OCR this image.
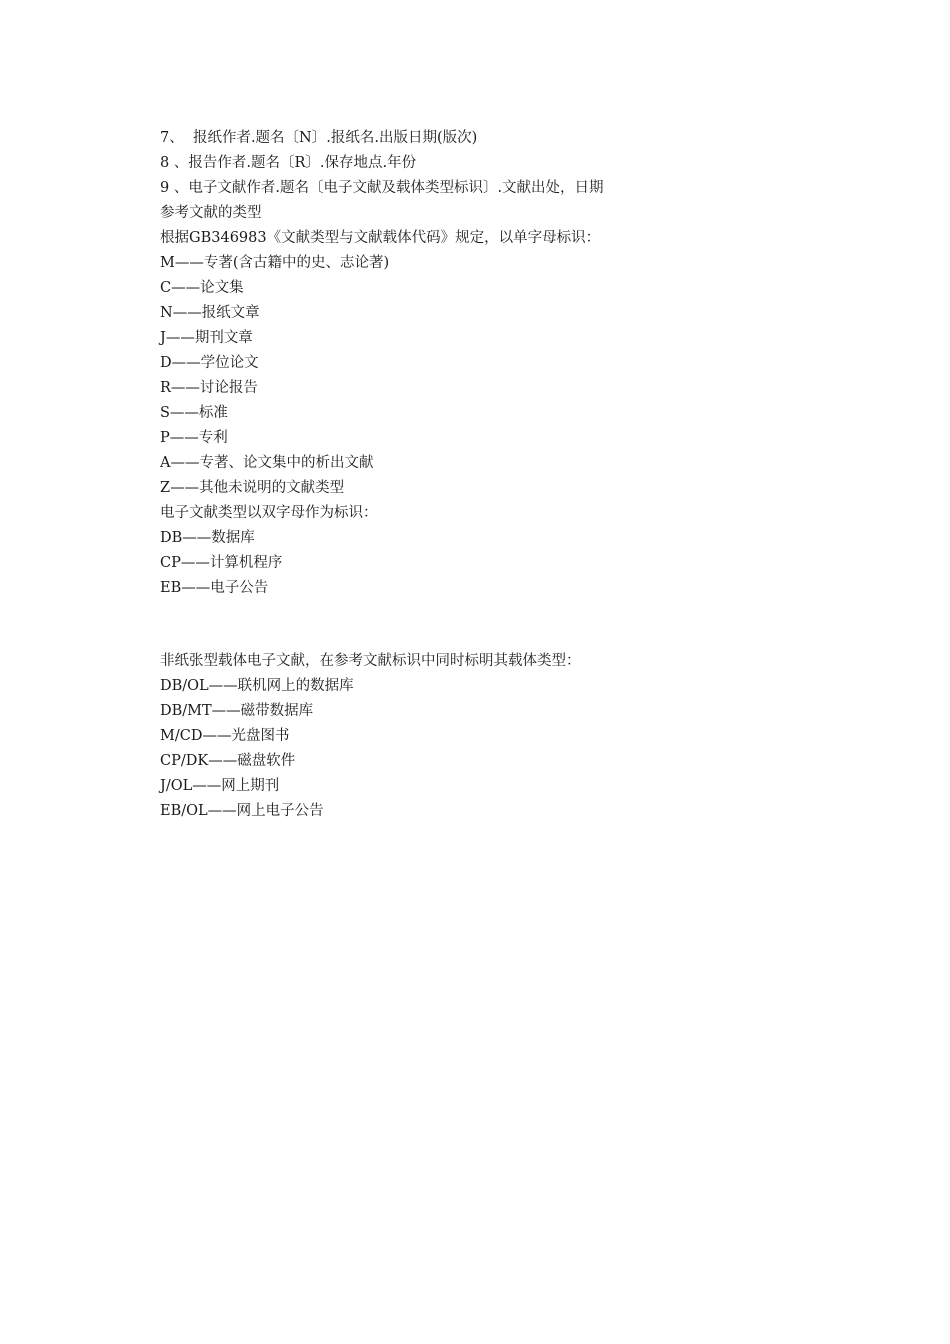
7、  报纸作者.题名〔N〕.报纸名.出版日期(版次)
8 、报告作者.题名〔R〕.保存地点.年份
9 、电子文献作者.题名〔电子文献及载体类型标识〕.文献出处，日期
参考文献的类型
根据GB346983《文献类型与文献载体代码》规定，以单字母标识：
M——专著(含古籍中的史、志论著)
C——论文集
N——报纸文章
J——期刊文章
D——学位论文
R——讨论报告
S——标准
P——专利
A——专著、论文集中的析出文献
Z——其他未说明的文献类型
电子文献类型以双字母作为标识：
DB——数据库
CP——计算机程序
EB——电子公告
非纸张型载体电子文献，在参考文献标识中同时标明其载体类型：
DB/OL——联机网上的数据库
DB/MT——磁带数据库
M/CD——光盘图书
CP/DK——磁盘软件
J/OL——网上期刊
EB/OL——网上电子公告
